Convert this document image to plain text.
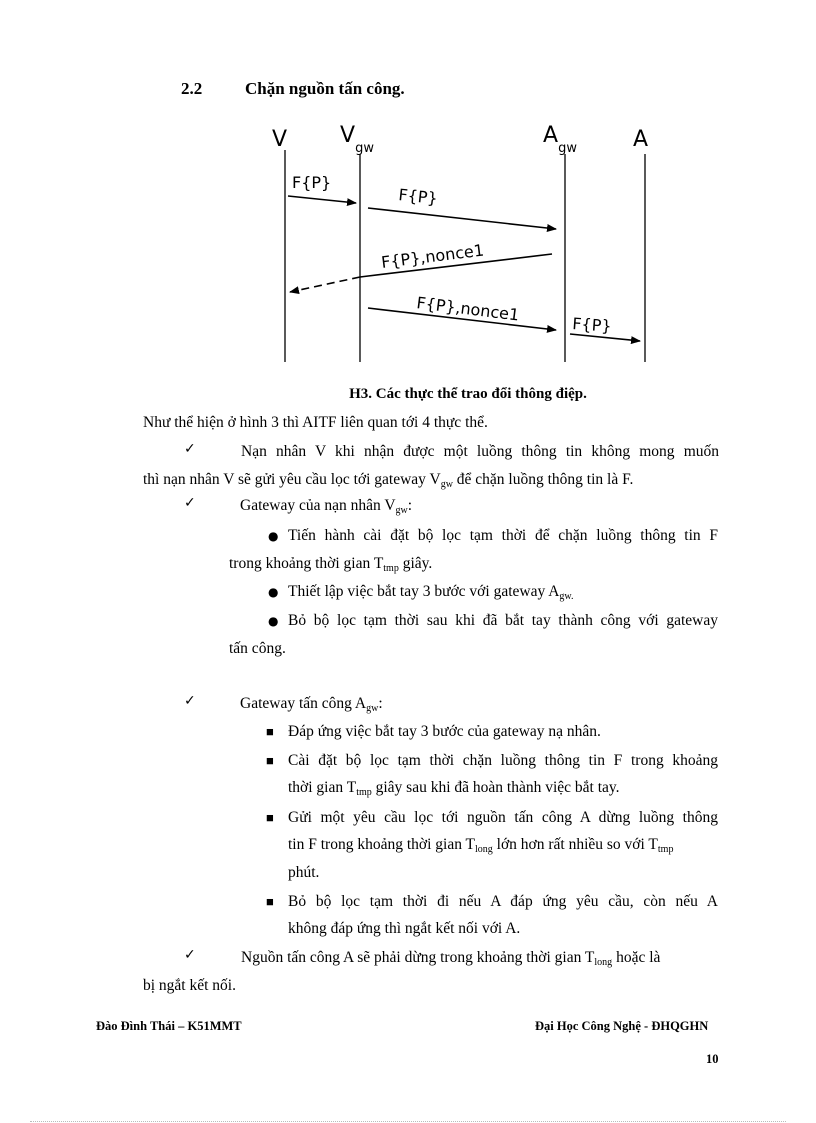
2.2	Chặn nguồn tấn công.
V $V_{gw}$
$A_{gw}$	A
F{P}
F{P}
F{P},nonce1
F{P},nonce1
F{P}
H3. Các thực thể trao đổi thông điệp.
Như thể hiện ở hình 3 thì AITF liên quan tới 4 thực thể.
✓	Nạn nhân V khi nhận được một luồng thông tin không mong muốn
thì nạn nhân V sẽ gửi yêu cầu lọc tới gateway $V_{gw}$ để chặn luồng thông tin là F.
✓	Gateway của nạn nhân $V_{gw}$:
● Tiến hành cài đặt bộ lọc tạm thời để chặn luồng thông tin F
trong khoảng thời gian $T_{tmp}$ giây.
● Thiết lập việc bắt tay 3 bước với gateway $A_{gw.}$
● Bỏ bộ lọc tạm thời sau khi đã bắt tay thành công với gateway
tấn công.
✓	Gateway tấn công $A_{gw}$:
■ Đáp ứng việc bắt tay 3 bước của gateway nạ nhân.
■ Cài đặt bộ lọc tạm thời chặn luồng thông tin F trong khoảng
thời gian $T_{tmp}$ giây sau khi đã hoàn thành việc bắt tay.
■ Gửi một yêu cầu lọc tới nguồn tấn công A dừng luồng thông
tin F trong khoảng thời gian $T_{long}$ lớn hơn rất nhiều so với $T_{tmp}$
phút.
■ Bỏ bộ lọc tạm thời đi nếu A đáp ứng yêu cầu, còn nếu A
không đáp ứng thì ngắt kết nối với A.
✓	Nguồn tấn công A sẽ phải dừng trong khoảng thời gian $T_{long}$ hoặc là
bị ngắt kết nối.
Đào Đình Thái – K51MMT	Đại Học Công Nghệ - ĐHQGHN
10
